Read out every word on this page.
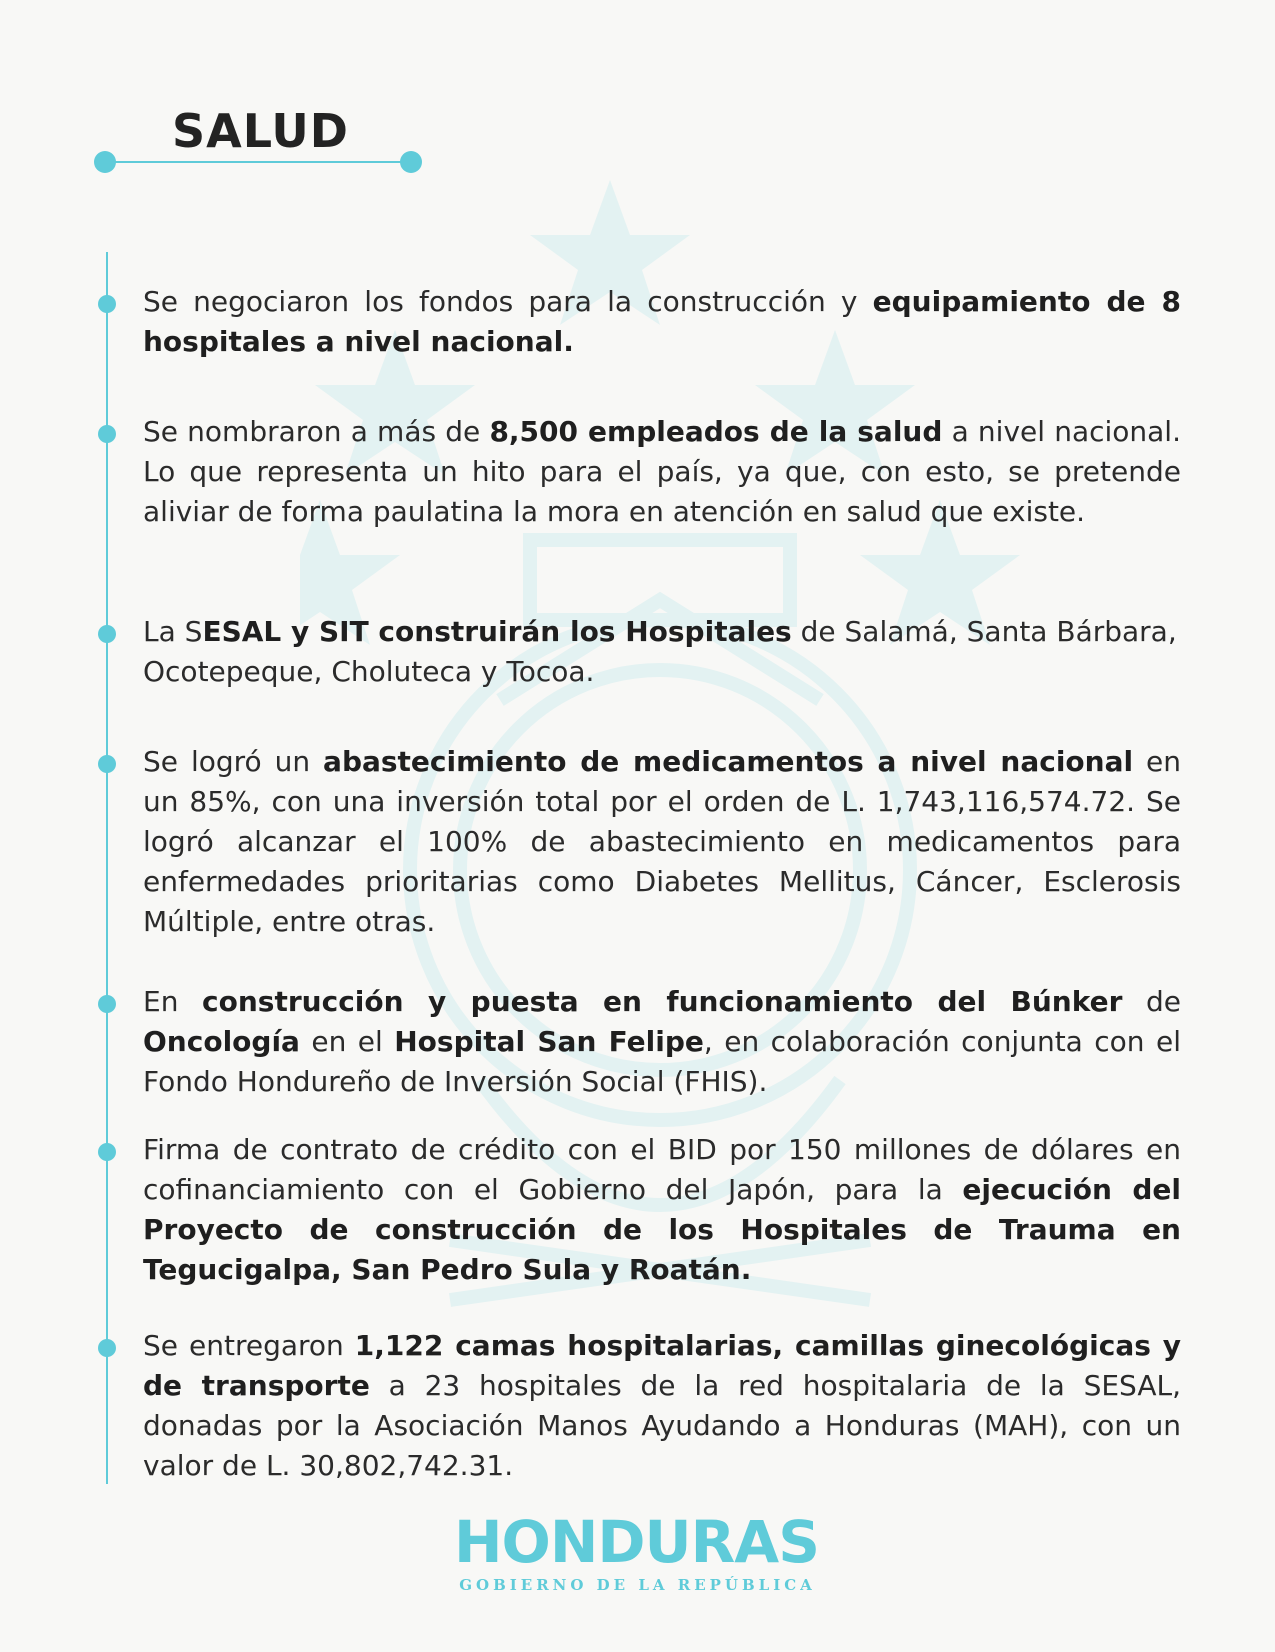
SALUD
Se negociaron los fondos para la construcción y equipamiento de 8 hospitales a nivel nacional.
Se nombraron a más de 8,500 empleados de la salud a nivel nacional. Lo que representa un hito para el país, ya que, con esto, se pretende aliviar de forma paulatina la mora en atención en salud que existe.
La SESAL y SIT construirán los Hospitales de Salamá, Santa Bárbara, Ocotepeque, Choluteca y Tocoa.
Se logró un abastecimiento de medicamentos a nivel nacional en un 85%, con una inversión total por el orden de L. 1,743,116,574.72. Se logró alcanzar el 100% de abastecimiento en medicamentos para enfermedades prioritarias como Diabetes Mellitus, Cáncer, Esclerosis Múltiple, entre otras.
En construcción y puesta en funcionamiento del Búnker de Oncología en el Hospital San Felipe, en colaboración conjunta con el Fondo Hondureño de Inversión Social (FHIS).
Firma de contrato de crédito con el BID por 150 millones de dólares en cofinanciamiento con el Gobierno del Japón, para la ejecución del Proyecto de construcción de los Hospitales de Trauma en Tegucigalpa, San Pedro Sula y Roatán.
Se entregaron 1,122 camas hospitalarias, camillas ginecológicas y de transporte a 23 hospitales de la red hospitalaria de la SESAL, donadas por la Asociación Manos Ayudando a Honduras (MAH), con un valor de L. 30,802,742.31.
HONDURAS
GOBIERNO DE LA REPÚBLICA
